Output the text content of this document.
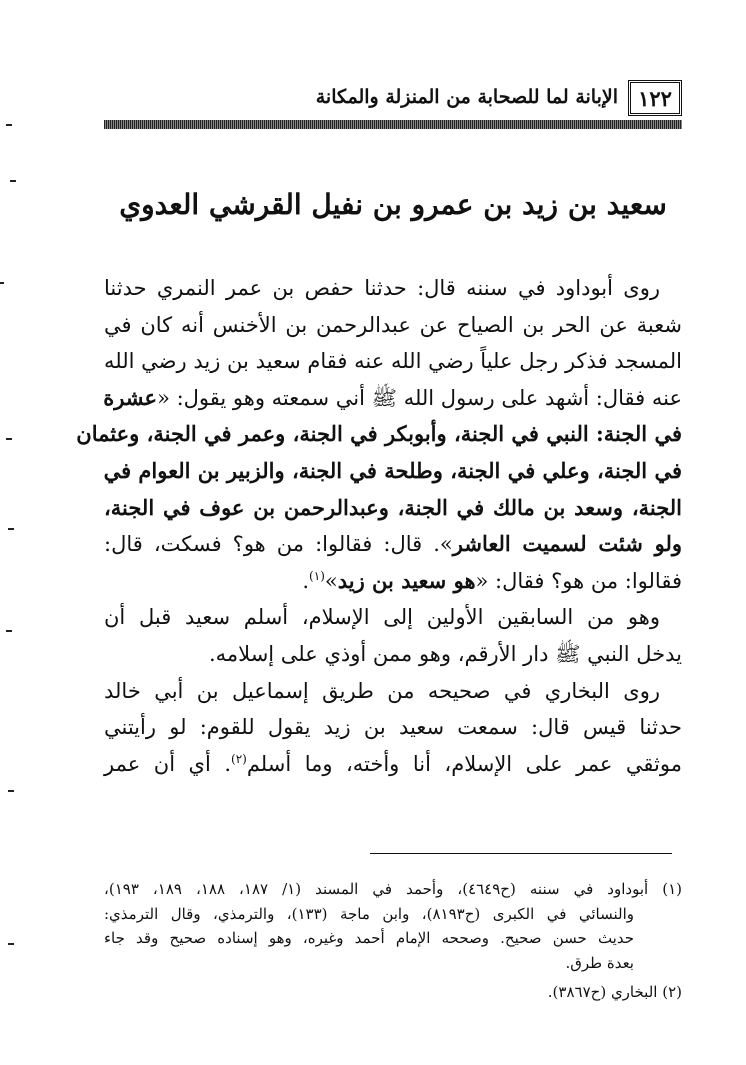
١٢٢
الإبانة لما للصحابة من المنزلة والمكانة
سعيد بن زيد بن عمرو بن نفيل القرشي العدوي
روى أبوداود في سننه قال: حدثنا حفص بن عمر النمري حدثنا
شعبة عن الحر بن الصياح عن عبدالرحمن بن الأخنس أنه كان في
المسجد فذكر رجل علياً رضي الله عنه فقام سعيد بن زيد رضي الله
عنه فقال: أشهد على رسول الله ﷺ أني سمعته وهو يقول: «عشرة
في الجنة: النبي في الجنة، وأبوبكر في الجنة، وعمر في الجنة، وعثمان
في الجنة، وعلي في الجنة، وطلحة في الجنة، والزبير بن العوام في
الجنة، وسعد بن مالك في الجنة، وعبدالرحمن بن عوف في الجنة،
ولو شئت لسميت العاشر». قال: فقالوا: من هو؟ فسكت، قال:
فقالوا: من هو؟ فقال: «هو سعيد بن زيد»$^{(١)}$.
وهو من السابقين الأولين إلى الإسلام، أسلم سعيد قبل أن
يدخل النبي ﷺ دار الأرقم، وهو ممن أوذي على إسلامه.
روى البخاري في صحيحه من طريق إسماعيل بن أبي خالد
حدثنا قيس قال: سمعت سعيد بن زيد يقول للقوم: لو رأيتني
موثقي عمر على الإسلام، أنا وأخته، وما أسلم$^{(٢)}$. أي أن عمر
(١) أبوداود في سننه (ح٤٦٤٩)، وأحمد في المسند (١/ ١٨٧، ١٨٨، ١٨٩، ١٩٣)،
والنسائي في الكبرى (ح٨١٩٣)، وابن ماجة (١٣٣)، والترمذي، وقال الترمذي:
حديث حسن صحيح. وصححه الإمام أحمد وغيره، وهو إسناده صحيح وقد جاء
بعدة طرق.
(٢) البخاري (ح٣٨٦٧).
